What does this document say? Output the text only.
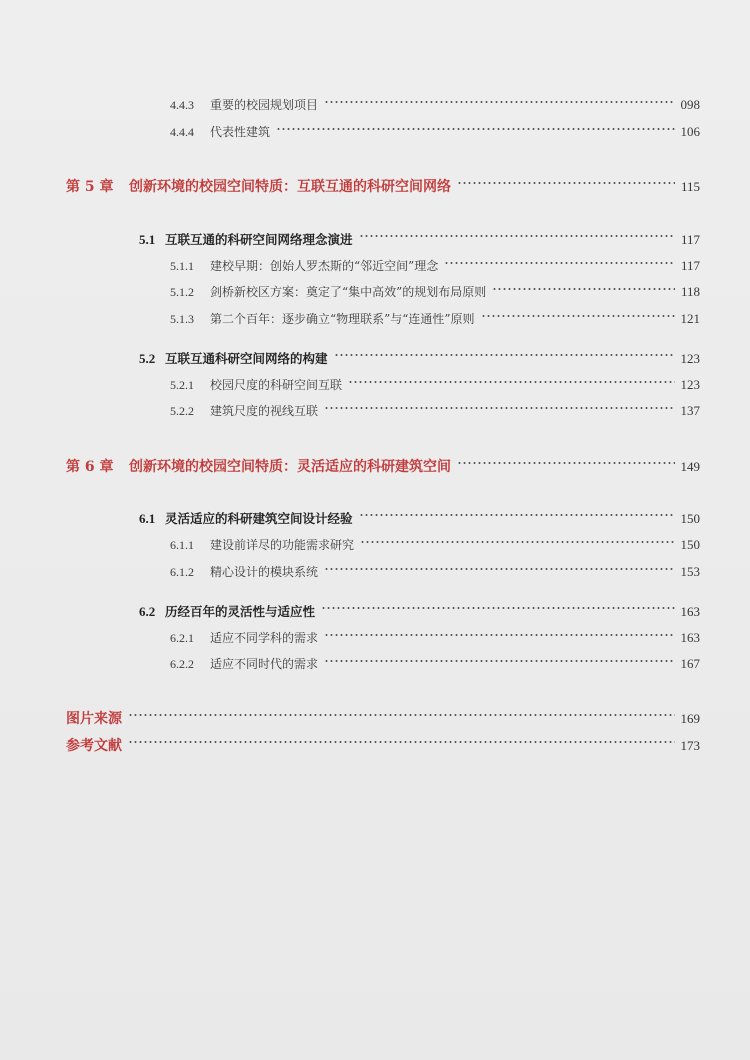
4.4.3	重要的校园规划项目	098
4.4.4	代表性建筑	106
第 5 章	创新环境的校园空间特质：互联互通的科研空间网络	115
5.1 互联互通的科研空间网络理念演进	117
5.1.1	建校早期：创始人罗杰斯的“邻近空间”理念	117
5.1.2	剑桥新校区方案：奠定了“集中高效”的规划布局原则	118
5.1.3	第二个百年：逐步确立“物理联系”与“连通性”原则	121
5.2 互联互通科研空间网络的构建	123
5.2.1	校园尺度的科研空间互联	123
5.2.2	建筑尺度的视线互联	137
第 6 章	创新环境的校园空间特质：灵活适应的科研建筑空间	149
6.1 灵活适应的科研建筑空间设计经验	150
6.1.1	建设前详尽的功能需求研究	150
6.1.2	精心设计的模块系统	153
6.2 历经百年的灵活性与适应性	163
6.2.1	适应不同学科的需求	163
6.2.2	适应不同时代的需求	167
图片来源	169
参考文献	173
